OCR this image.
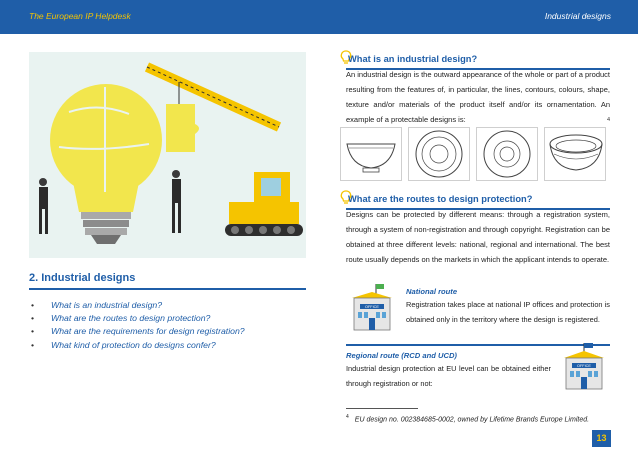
The European IP Helpdesk	Industrial designs
2. Industrial designs
• What is an industrial design?
• What are the routes to design protection?
• What are the requirements for design registration?
• What kind of protection do designs confer?
What is an industrial design?
An industrial design is the outward appearance of the whole or part of a product resulting from the features of, in particular, the lines, contours, colours, shape, texture and/or materials of the product itself and/or its ornamentation. An example of a protectable designs is:	4
What are the routes to design protection?
Designs can be protected by different means: through a registration system, through a system of non-registration and through copyright. Registration can be obtained at three different levels: national, regional and international. The best route usually depends on the markets in which the applicant intends to operate.
OFFICE
National route
Registration takes place at national IP offices and protection is obtained only in the territory where the design is registered.
Regional route (RCD and UCD)
Industrial design protection at EU level can be obtained either through registration or not:
OFFICE
$^4$ EU design no. 002384685-0002, owned by Lifetime Brands Europe Limited.
13
